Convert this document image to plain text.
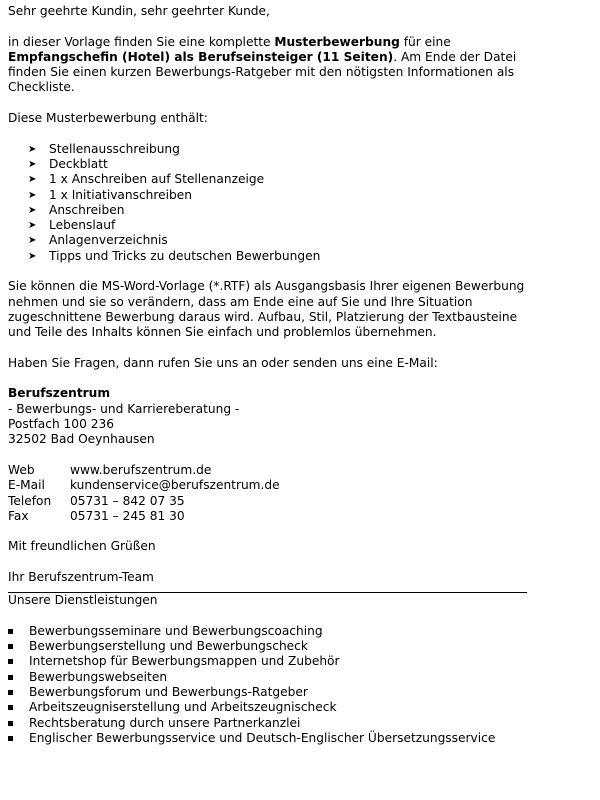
Sehr geehrte Kundin, sehr geehrter Kunde,

in dieser Vorlage finden Sie eine komplette Musterbewerbung für eine Empfangschefin (Hotel) als Berufseinsteiger (11 Seiten). Am Ende der Datei finden Sie einen kurzen Bewerbungs-Ratgeber mit den nötigsten Informationen als Checkliste.

Diese Musterbewerbung enthält:

➤ Stellenausschreibung
➤ Deckblatt
➤ 1 x Anschreiben auf Stellenanzeige
➤ 1 x Initiativanschreiben
➤ Anschreiben
➤ Lebenslauf
➤ Anlagenverzeichnis
➤ Tipps und Tricks zu deutschen Bewerbungen

Sie können die MS-Word-Vorlage (*.RTF) als Ausgangsbasis Ihrer eigenen Bewerbung nehmen und sie so verändern, dass am Ende eine auf Sie und Ihre Situation zugeschnittene Bewerbung daraus wird. Aufbau, Stil, Platzierung der Textbausteine und Teile des Inhalts können Sie einfach und problemlos übernehmen.

Haben Sie Fragen, dann rufen Sie uns an oder senden uns eine E-Mail:

Berufszentrum

- Bewerbungs- und Karriereberatung -

Postfach 100 236

32502 Bad Oeynhausen

Web	www.berufszentrum.de
E-Mail	kundenservice@berufszentrum.de
Telefon	05731 – 842 07 35
Fax	05731 – 245 81 30

Mit freundlichen Grüßen

Ihr Berufszentrum-Team

Unsere Dienstleistungen

Bewerbungsseminare und Bewerbungscoaching
Bewerbungserstellung und Bewerbungscheck
Internetshop für Bewerbungsmappen und Zubehör
Bewerbungswebseiten
Bewerbungsforum und Bewerbungs-Ratgeber
Arbeitszeugniserstellung und Arbeitszeugnischeck
Rechtsberatung durch unsere Partnerkanzlei
Englischer Bewerbungsservice und Deutsch-Englischer Übersetzungsservice
